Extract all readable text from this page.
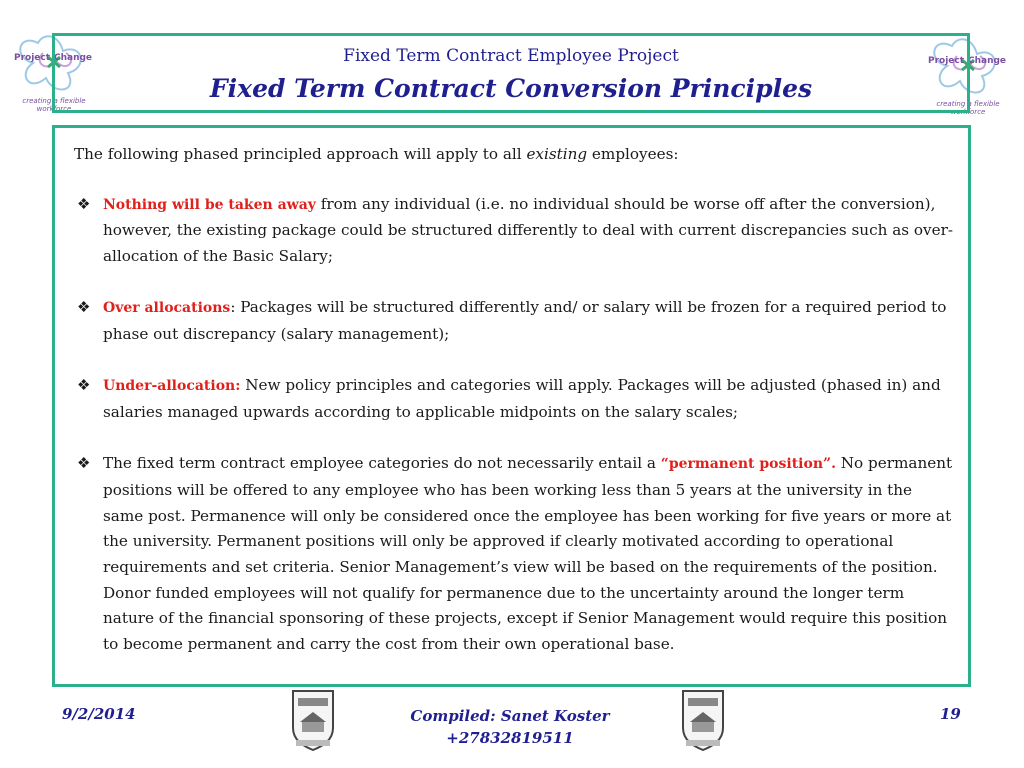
Project Change
creating a flexible workforce
Project Change
creating a flexible workforce
Fixed Term Contract Employee Project
Fixed Term Contract Conversion Principles

The following phased principled approach will apply to all existing employees:

❖ Nothing will be taken away from any individual (i.e. no individual should be worse off after the conversion), however, the existing package could be structured differently to deal with current discrepancies such as over-allocation of the Basic Salary;
❖ Over allocations: Packages will be structured differently and/ or salary will be frozen for a required period to phase out discrepancy (salary management);
❖ Under-allocation: New policy principles and categories will apply. Packages will be adjusted (phased in) and salaries managed upwards according to applicable midpoints on the salary scales;
❖ The fixed term contract employee categories do not necessarily entail a “permanent position”. No permanent positions will be offered to any employee who has been working less than 5 years at the university in the same post. Permanence will only be considered once the employee has been working for five years or more at the university. Permanent positions will only be approved if clearly motivated according to operational requirements and set criteria. Senior Management’s view will be based on the requirements of the position. Donor funded employees will not qualify for permanence due to the uncertainty around the longer term nature of the financial sponsoring of these projects, except if Senior Management would require this position to become permanent and carry the cost from their own operational base.
9/2/2014	Compiled: Sanet Koster
+27832819511
19
